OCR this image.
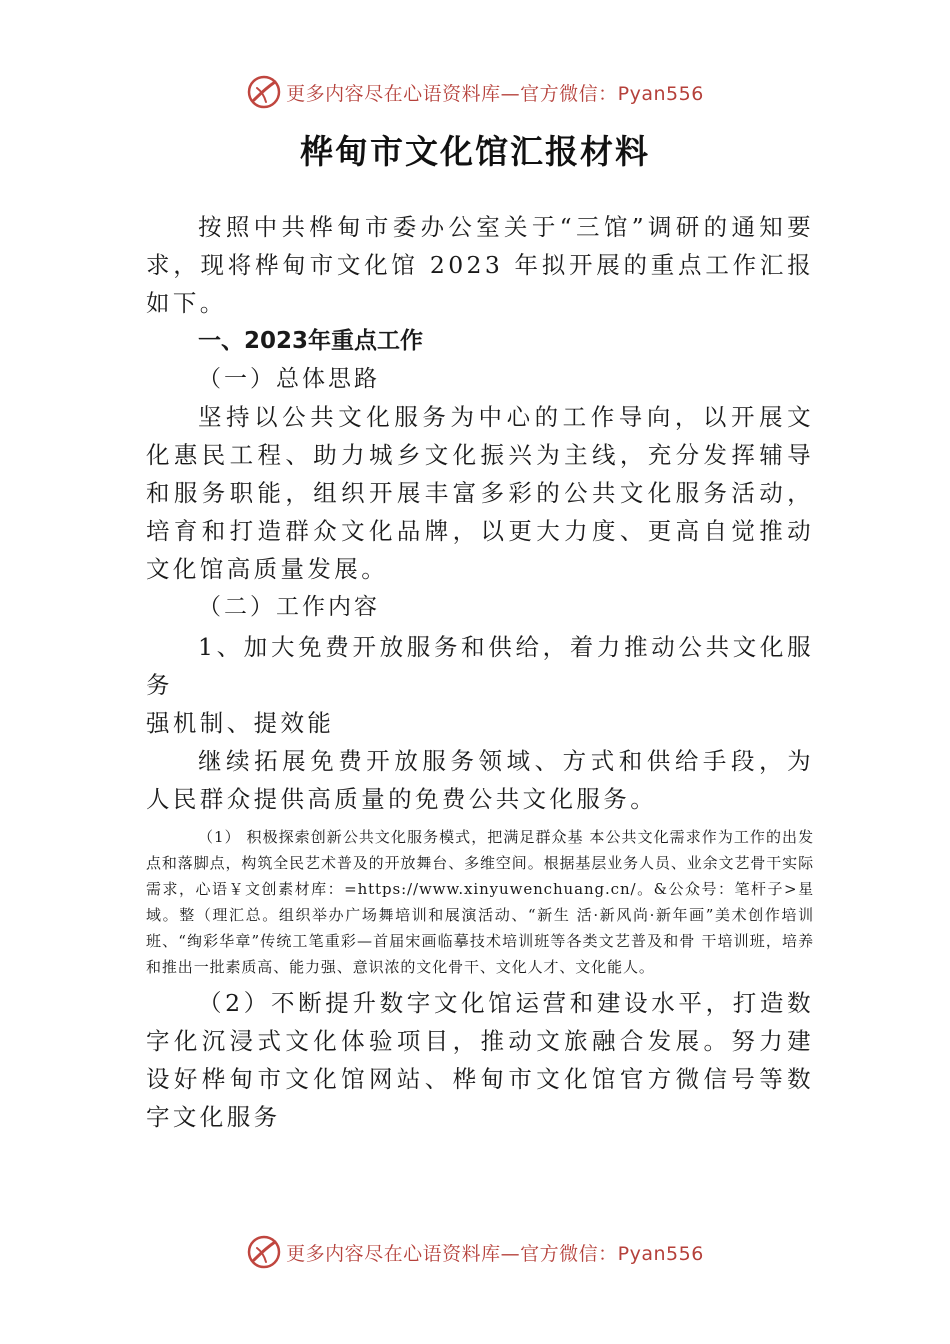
更多内容尽在心语资料库—官方微信：Pyan556
桦甸市文化馆汇报材料

按照中共桦甸市委办公室关于“三馆”调研的通知要求，现将桦甸市文化馆 2023 年拟开展的重点工作汇报如下。

一、2023年重点工作

（一）总体思路

坚持以公共文化服务为中心的工作导向，以开展文化惠民工程、助力城乡文化振兴为主线，充分发挥辅导和服务职能，组织开展丰富多彩的公共文化服务活动，培育和打造群众文化品牌，以更大力度、更高自觉推动文化馆高质量发展。

（二）工作内容

1、加大免费开放服务和供给，着力推动公共文化服务

强机制、提效能

继续拓展免费开放服务领域、方式和供给手段，为人民群众提供高质量的免费公共文化服务。

（1） 积极探索创新公共文化服务模式，把满足群众基 本公共文化需求作为工作的出发点和落脚点，构筑全民艺术普及的开放舞台、多维空间。根据基层业务人员、业余文艺骨干实际需求，心语￥文创素材库：=https://www.xinyuwenchuang.cn/。&公众号：笔杆子>星域。整（理汇总。组织举办广场舞培训和展演活动、“新生 活·新风尚·新年画”美术创作培训班、“绚彩华章”传统工笔重彩—首届宋画临摹技术培训班等各类文艺普及和骨 干培训班，培养和推出一批素质高、能力强、意识浓的文化骨干、文化人才、文化能人。

（2）不断提升数字文化馆运营和建设水平，打造数字化沉浸式文化体验项目，推动文旅融合发展。努力建设好桦甸市文化馆网站、桦甸市文化馆官方微信号等数字文化服务

更多内容尽在心语资料库—官方微信：Pyan556
